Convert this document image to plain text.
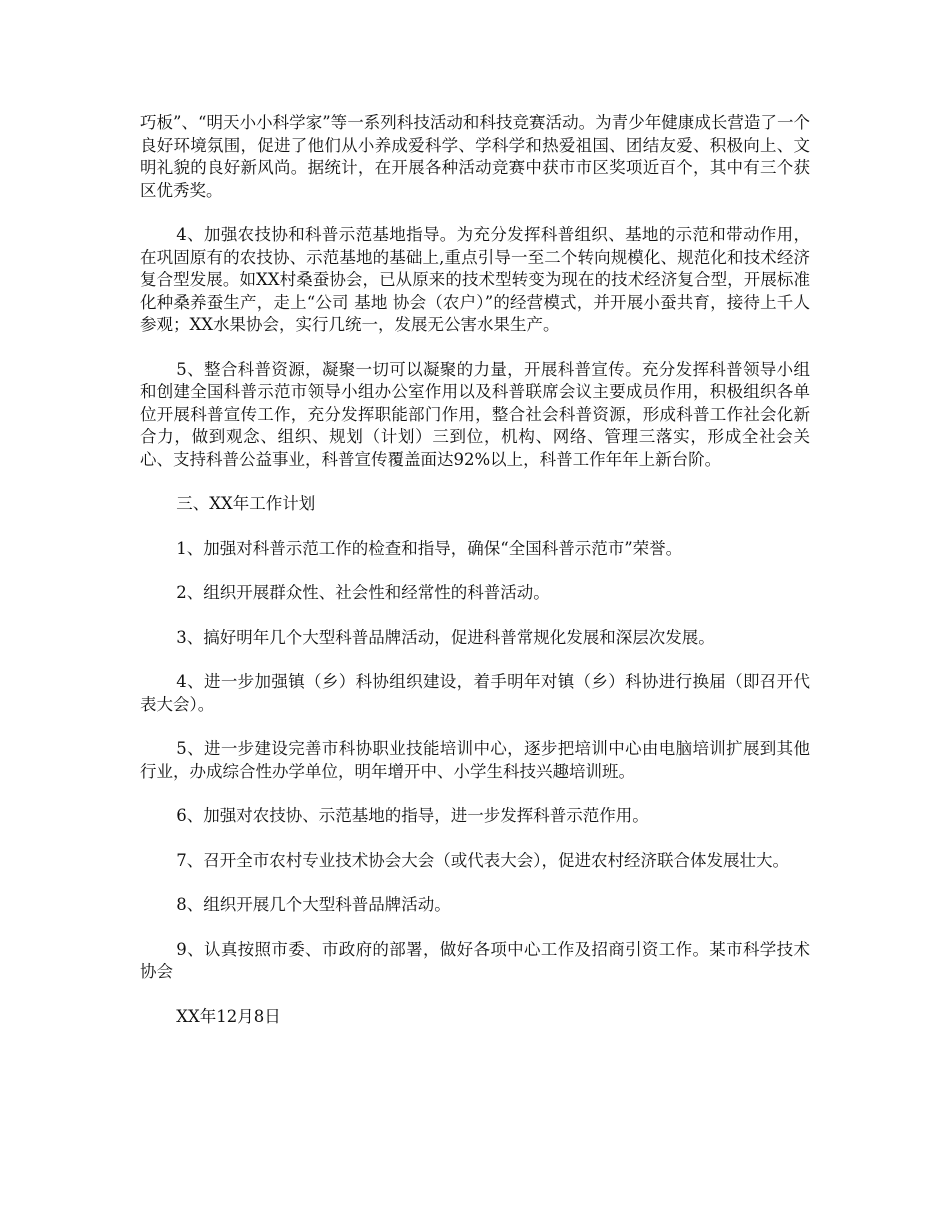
巧板”、“明天小小科学家”等一系列科技活动和科技竞赛活动。为青少年健康成长营造了一个良好环境氛围，促进了他们从小养成爱科学、学科学和热爱祖国、团结友爱、积极向上、文明礼貌的良好新风尚。据统计，在开展各种活动竞赛中获市市区奖项近百个，其中有三个获区优秀奖。

4、加强农技协和科普示范基地指导。为充分发挥科普组织、基地的示范和带动作用，在巩固原有的农技协、示范基地的基础上,重点引导一至二个转向规模化、规范化和技术经济复合型发展。如XX村桑蚕协会，已从原来的技术型转变为现在的技术经济复合型，开展标准化种桑养蚕生产，走上“公司 基地 协会（农户）”的经营模式，并开展小蚕共育，接待上千人参观；XX水果协会，实行几统一，发展无公害水果生产。

5、整合科普资源，凝聚一切可以凝聚的力量，开展科普宣传。充分发挥科普领导小组和创建全国科普示范市领导小组办公室作用以及科普联席会议主要成员作用，积极组织各单位开展科普宣传工作，充分发挥职能部门作用，整合社会科普资源，形成科普工作社会化新合力，做到观念、组织、规划（计划）三到位，机构、网络、管理三落实，形成全社会关心、支持科普公益事业，科普宣传覆盖面达92%以上，科普工作年年上新台阶。

三、XX年工作计划

1、加强对科普示范工作的检查和指导，确保“全国科普示范市”荣誉。

2、组织开展群众性、社会性和经常性的科普活动。

3、搞好明年几个大型科普品牌活动，促进科普常规化发展和深层次发展。

4、进一步加强镇（乡）科协组织建设，着手明年对镇（乡）科协进行换届（即召开代表大会）。

5、进一步建设完善市科协职业技能培训中心，逐步把培训中心由电脑培训扩展到其他行业，办成综合性办学单位，明年增开中、小学生科技兴趣培训班。

6、加强对农技协、示范基地的指导，进一步发挥科普示范作用。

7、召开全市农村专业技术协会大会（或代表大会），促进农村经济联合体发展壮大。

8、组织开展几个大型科普品牌活动。

9、认真按照市委、市政府的部署，做好各项中心工作及招商引资工作。某市科学技术协会

XX年12月8日
